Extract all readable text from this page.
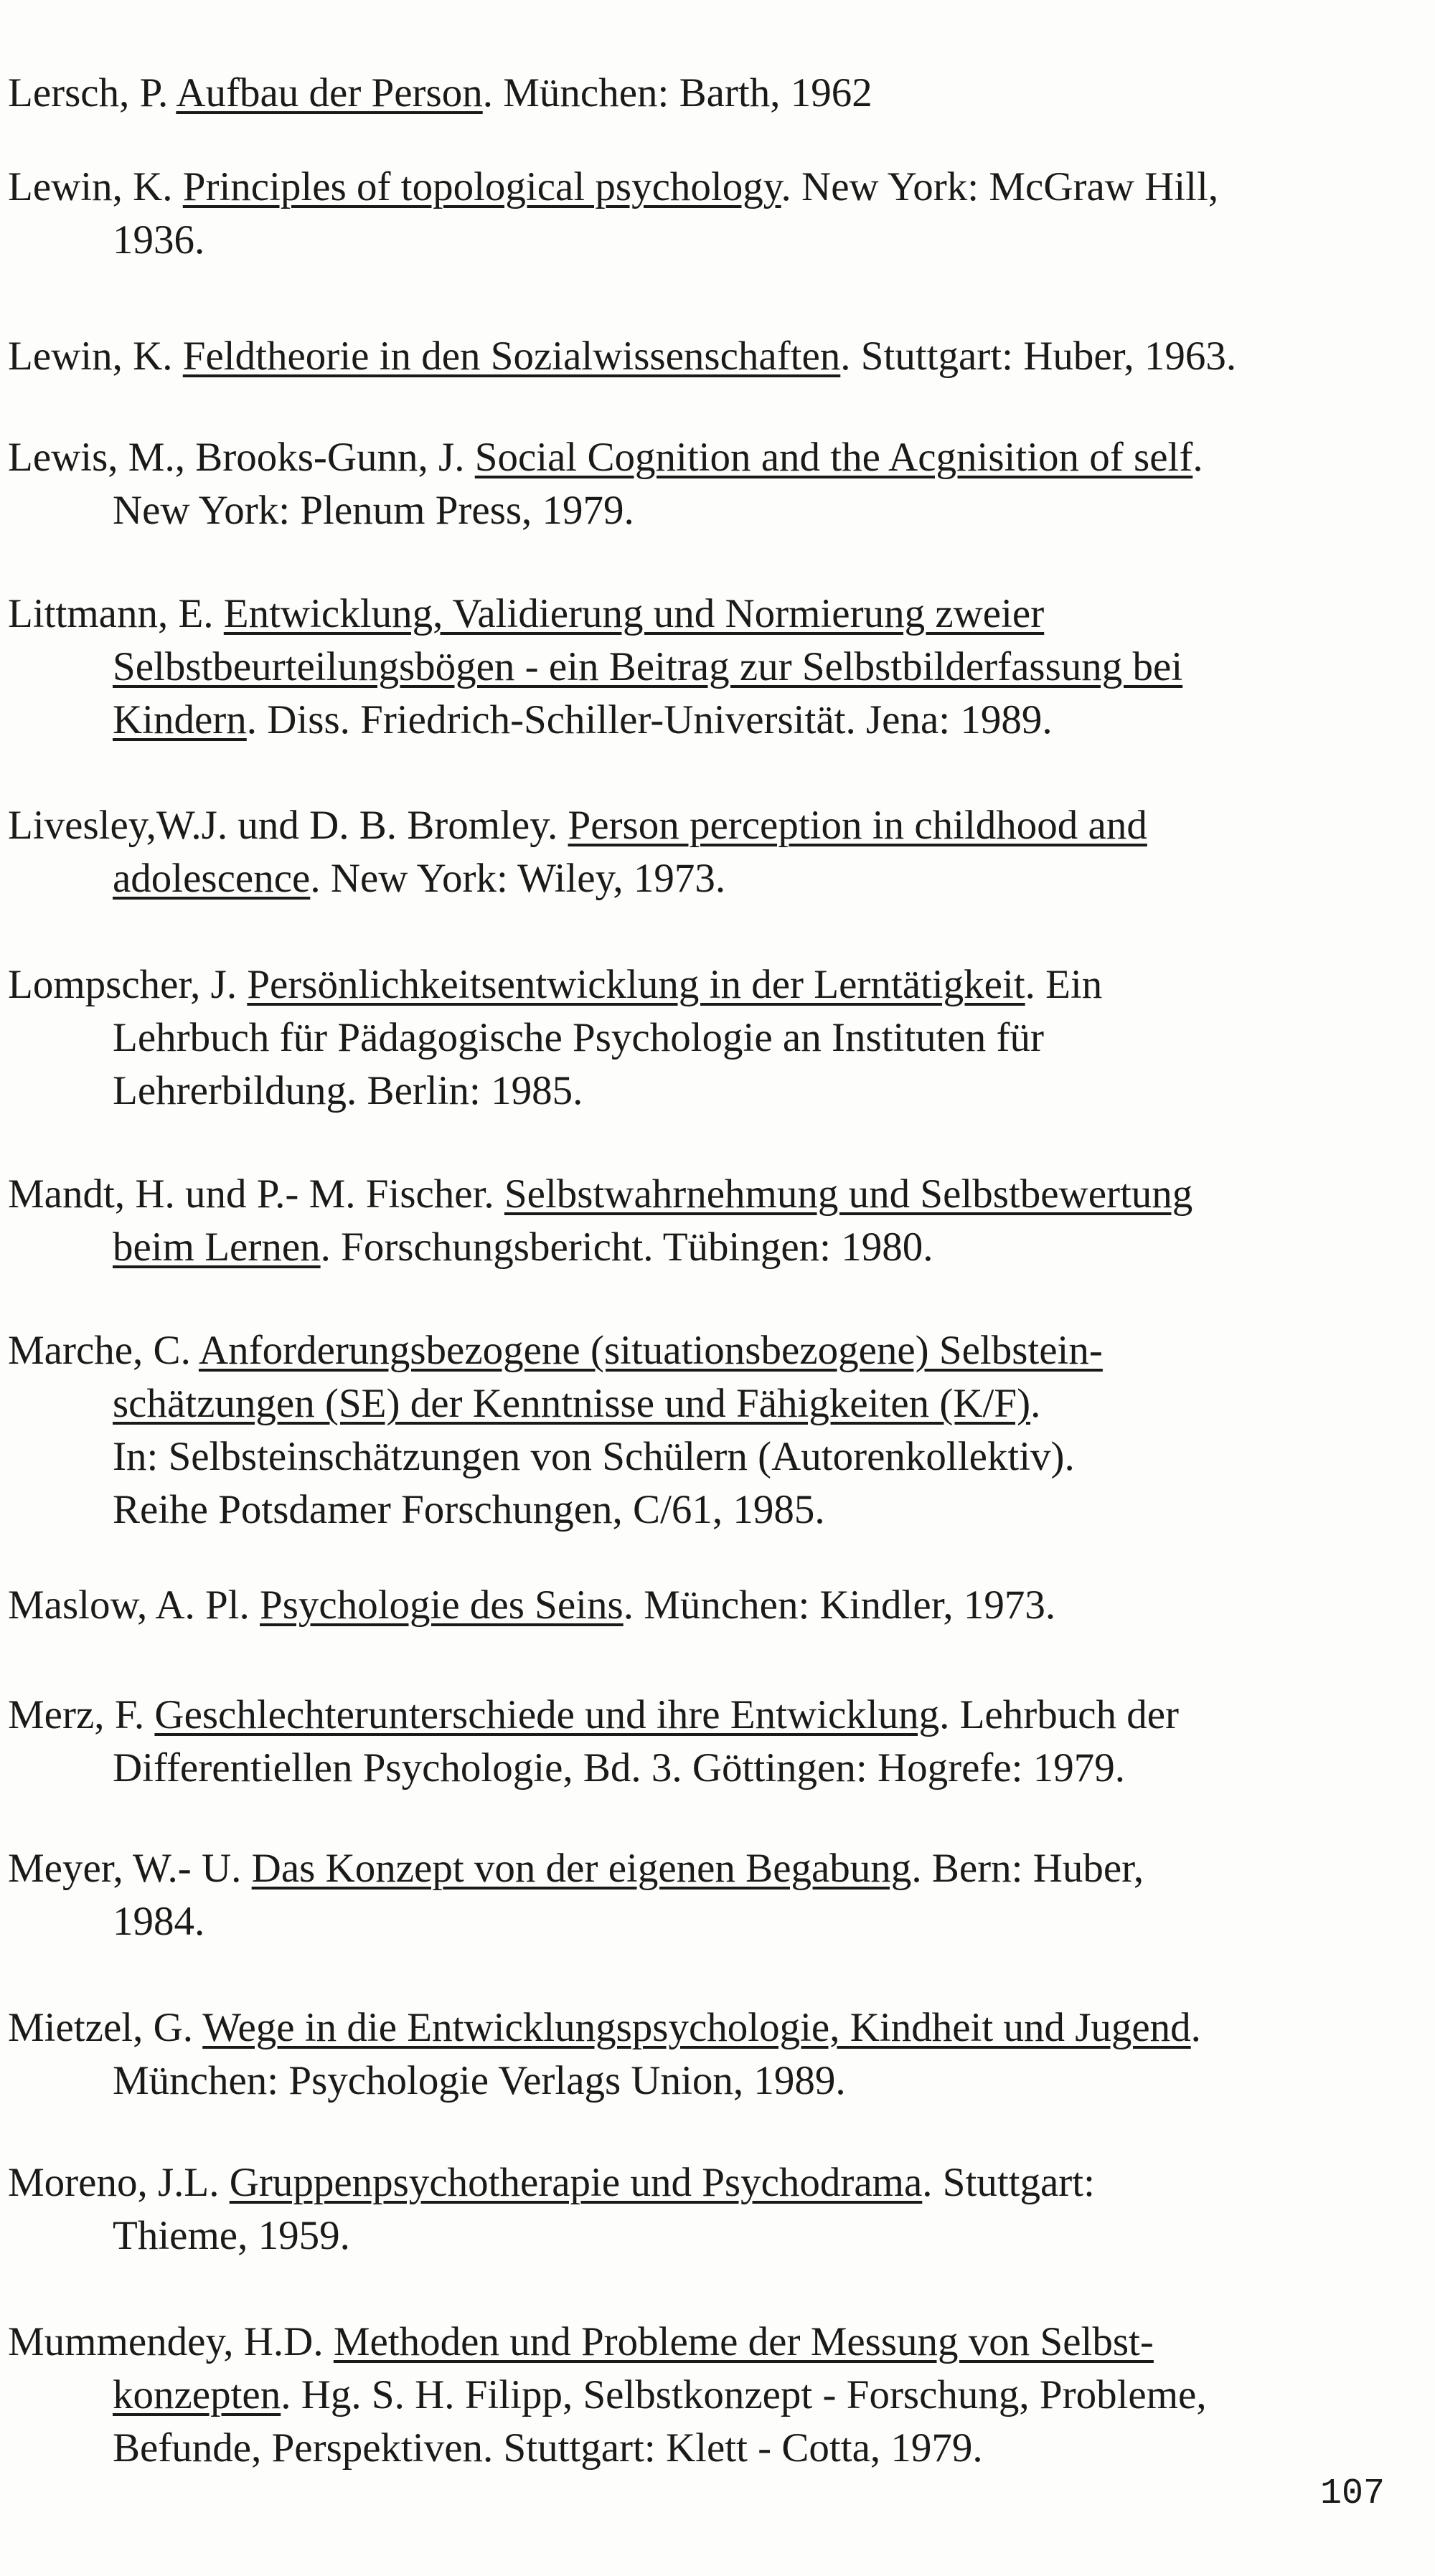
Lersch, P. Aufbau der Person. München: Barth, 1962
Lewin, K. Principles of topological psychology. New York: McGraw Hill,
1936.
Lewin, K. Feldtheorie in den Sozialwissenschaften. Stuttgart: Huber, 1963.
Lewis, M., Brooks-Gunn, J. Social Cognition and the Acgnisition of self.
New York: Plenum Press, 1979.
Littmann, E. Entwicklung, Validierung und Normierung zweier
Selbstbeurteilungsbögen - ein Beitrag zur Selbstbilderfassung bei
Kindern. Diss. Friedrich-Schiller-Universität. Jena: 1989.
Livesley,W.J. und D. B. Bromley. Person perception in childhood and
adolescence. New York: Wiley, 1973.
Lompscher, J. Persönlichkeitsentwicklung in der Lerntätigkeit. Ein
Lehrbuch für Pädagogische Psychologie an Instituten für
Lehrerbildung. Berlin: 1985.
Mandt, H. und P.- M. Fischer. Selbstwahrnehmung und Selbstbewertung
beim Lernen. Forschungsbericht. Tübingen: 1980.
Marche, C. Anforderungsbezogene (situationsbezogene) Selbstein-
schätzungen (SE) der Kenntnisse und Fähigkeiten (K/F).
In: Selbsteinschätzungen von Schülern (Autorenkollektiv).
Reihe Potsdamer Forschungen, C/61, 1985.
Maslow, A. Pl. Psychologie des Seins. München: Kindler, 1973.
Merz, F. Geschlechterunterschiede und ihre Entwicklung. Lehrbuch der
Differentiellen Psychologie, Bd. 3. Göttingen: Hogrefe: 1979.
Meyer, W.- U. Das Konzept von der eigenen Begabung. Bern: Huber,
1984.
Mietzel, G. Wege in die Entwicklungspsychologie, Kindheit und Jugend.
München: Psychologie Verlags Union, 1989.
Moreno, J.L. Gruppenpsychotherapie und Psychodrama. Stuttgart:
Thieme, 1959.
Mummendey, H.D. Methoden und Probleme der Messung von Selbst-
konzepten. Hg. S. H. Filipp, Selbstkonzept - Forschung, Probleme,
Befunde, Perspektiven. Stuttgart: Klett - Cotta, 1979.
107
